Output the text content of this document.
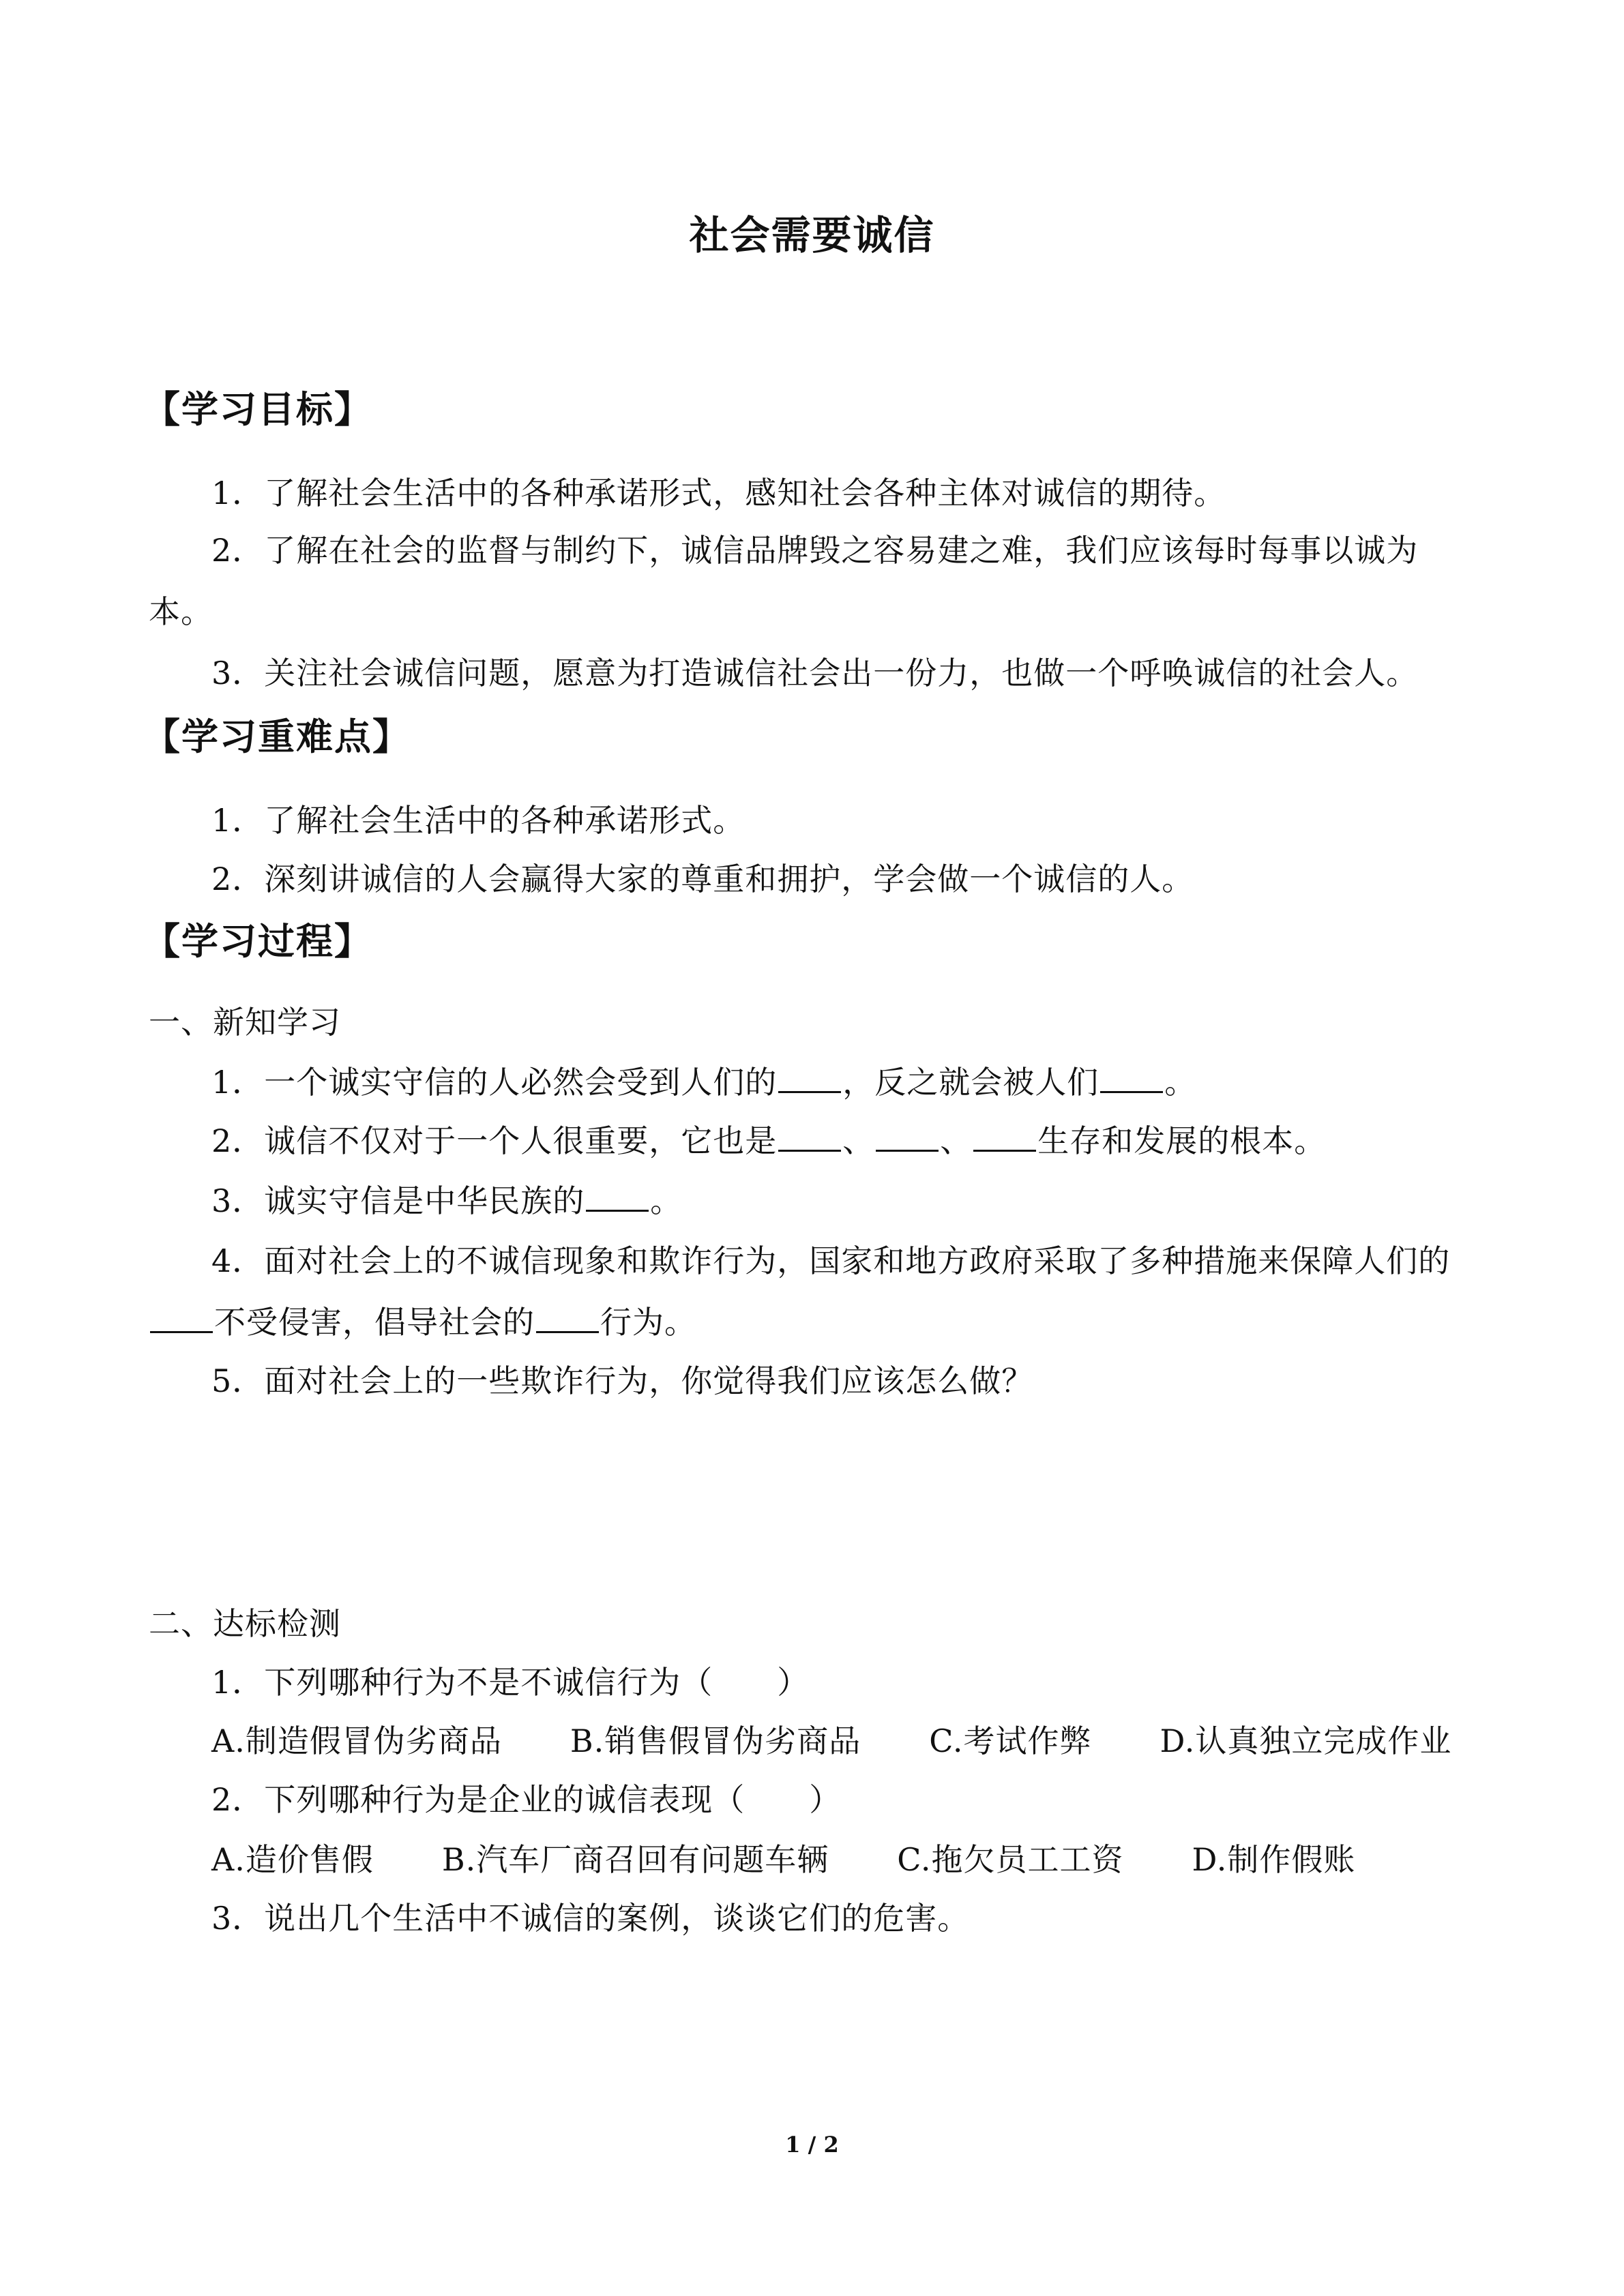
社会需要诚信
【学习目标】
1．了解社会生活中的各种承诺形式，感知社会各种主体对诚信的期待。
2．了解在社会的监督与制约下，诚信品牌毁之容易建之难，我们应该每时每事以诚为
本。
3．关注社会诚信问题，愿意为打造诚信社会出一份力，也做一个呼唤诚信的社会人。
【学习重难点】
1．了解社会生活中的各种承诺形式。
2．深刻讲诚信的人会赢得大家的尊重和拥护，学会做一个诚信的人。
【学习过程】
一、新知学习
1．一个诚实守信的人必然会受到人们的 ，反之就会被人们 。
2．诚信不仅对于一个人很重要，它也是 、 、 生存和发展的根本。
3．诚实守信是中华民族的 。
4．面对社会上的不诚信现象和欺诈行为，国家和地方政府采取了多种措施来保障人们的
不受侵害，倡导社会的 行为。
5．面对社会上的一些欺诈行为，你觉得我们应该怎么做？
二、达标检测
1．下列哪种行为不是不诚信行为（　　）
A.制造假冒伪劣商品 B.销售假冒伪劣商品 C.考试作弊 D.认真独立完成作业
2．下列哪种行为是企业的诚信表现（　　）
A.造价售假 B.汽车厂商召回有问题车辆 C.拖欠员工工资 D.制作假账
3．说出几个生活中不诚信的案例，谈谈它们的危害。
1 / 2
